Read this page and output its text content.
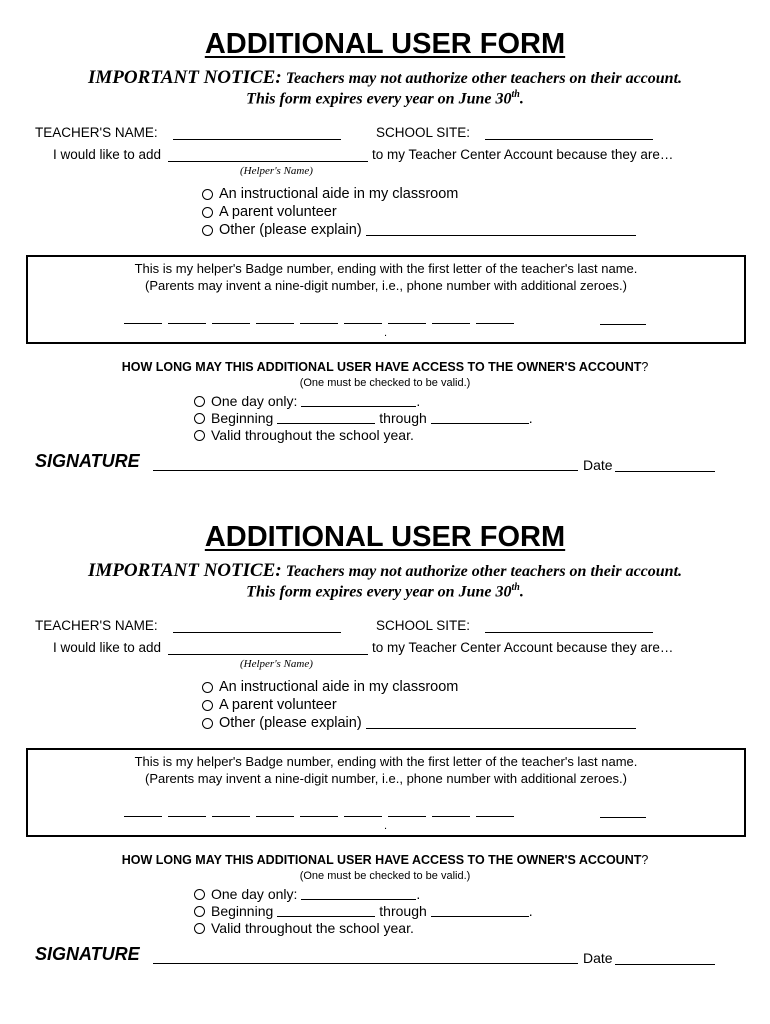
ADDITIONAL USER FORM
IMPORTANT NOTICE: Teachers may not authorize other teachers on their account.
This form expires every year on June 30th.
TEACHER'S NAME:	SCHOOL SITE:
I would like to add	to my Teacher Center Account because they are…
(Helper's Name)
An instructional aide in my classroom
A parent volunteer
Other (please explain)
This is my helper's Badge number, ending with the first letter of the teacher's last name.
(Parents may invent a nine-digit number, i.e., phone number with additional zeroes.)
.
HOW LONG MAY THIS ADDITIONAL USER HAVE ACCESS TO THE OWNER'S ACCOUNT?
(One must be checked to be valid.)
One day only:	.
Beginning	through	.
Valid throughout the school year.
SIGNATURE	Date
ADDITIONAL USER FORM
IMPORTANT NOTICE: Teachers may not authorize other teachers on their account.
This form expires every year on June 30th.
TEACHER'S NAME:	SCHOOL SITE:
I would like to add	to my Teacher Center Account because they are…
(Helper's Name)
An instructional aide in my classroom
A parent volunteer
Other (please explain)
This is my helper's Badge number, ending with the first letter of the teacher's last name.
(Parents may invent a nine-digit number, i.e., phone number with additional zeroes.)
.
HOW LONG MAY THIS ADDITIONAL USER HAVE ACCESS TO THE OWNER'S ACCOUNT?
(One must be checked to be valid.)
One day only:	.
Beginning	through	.
Valid throughout the school year.
SIGNATURE	Date
